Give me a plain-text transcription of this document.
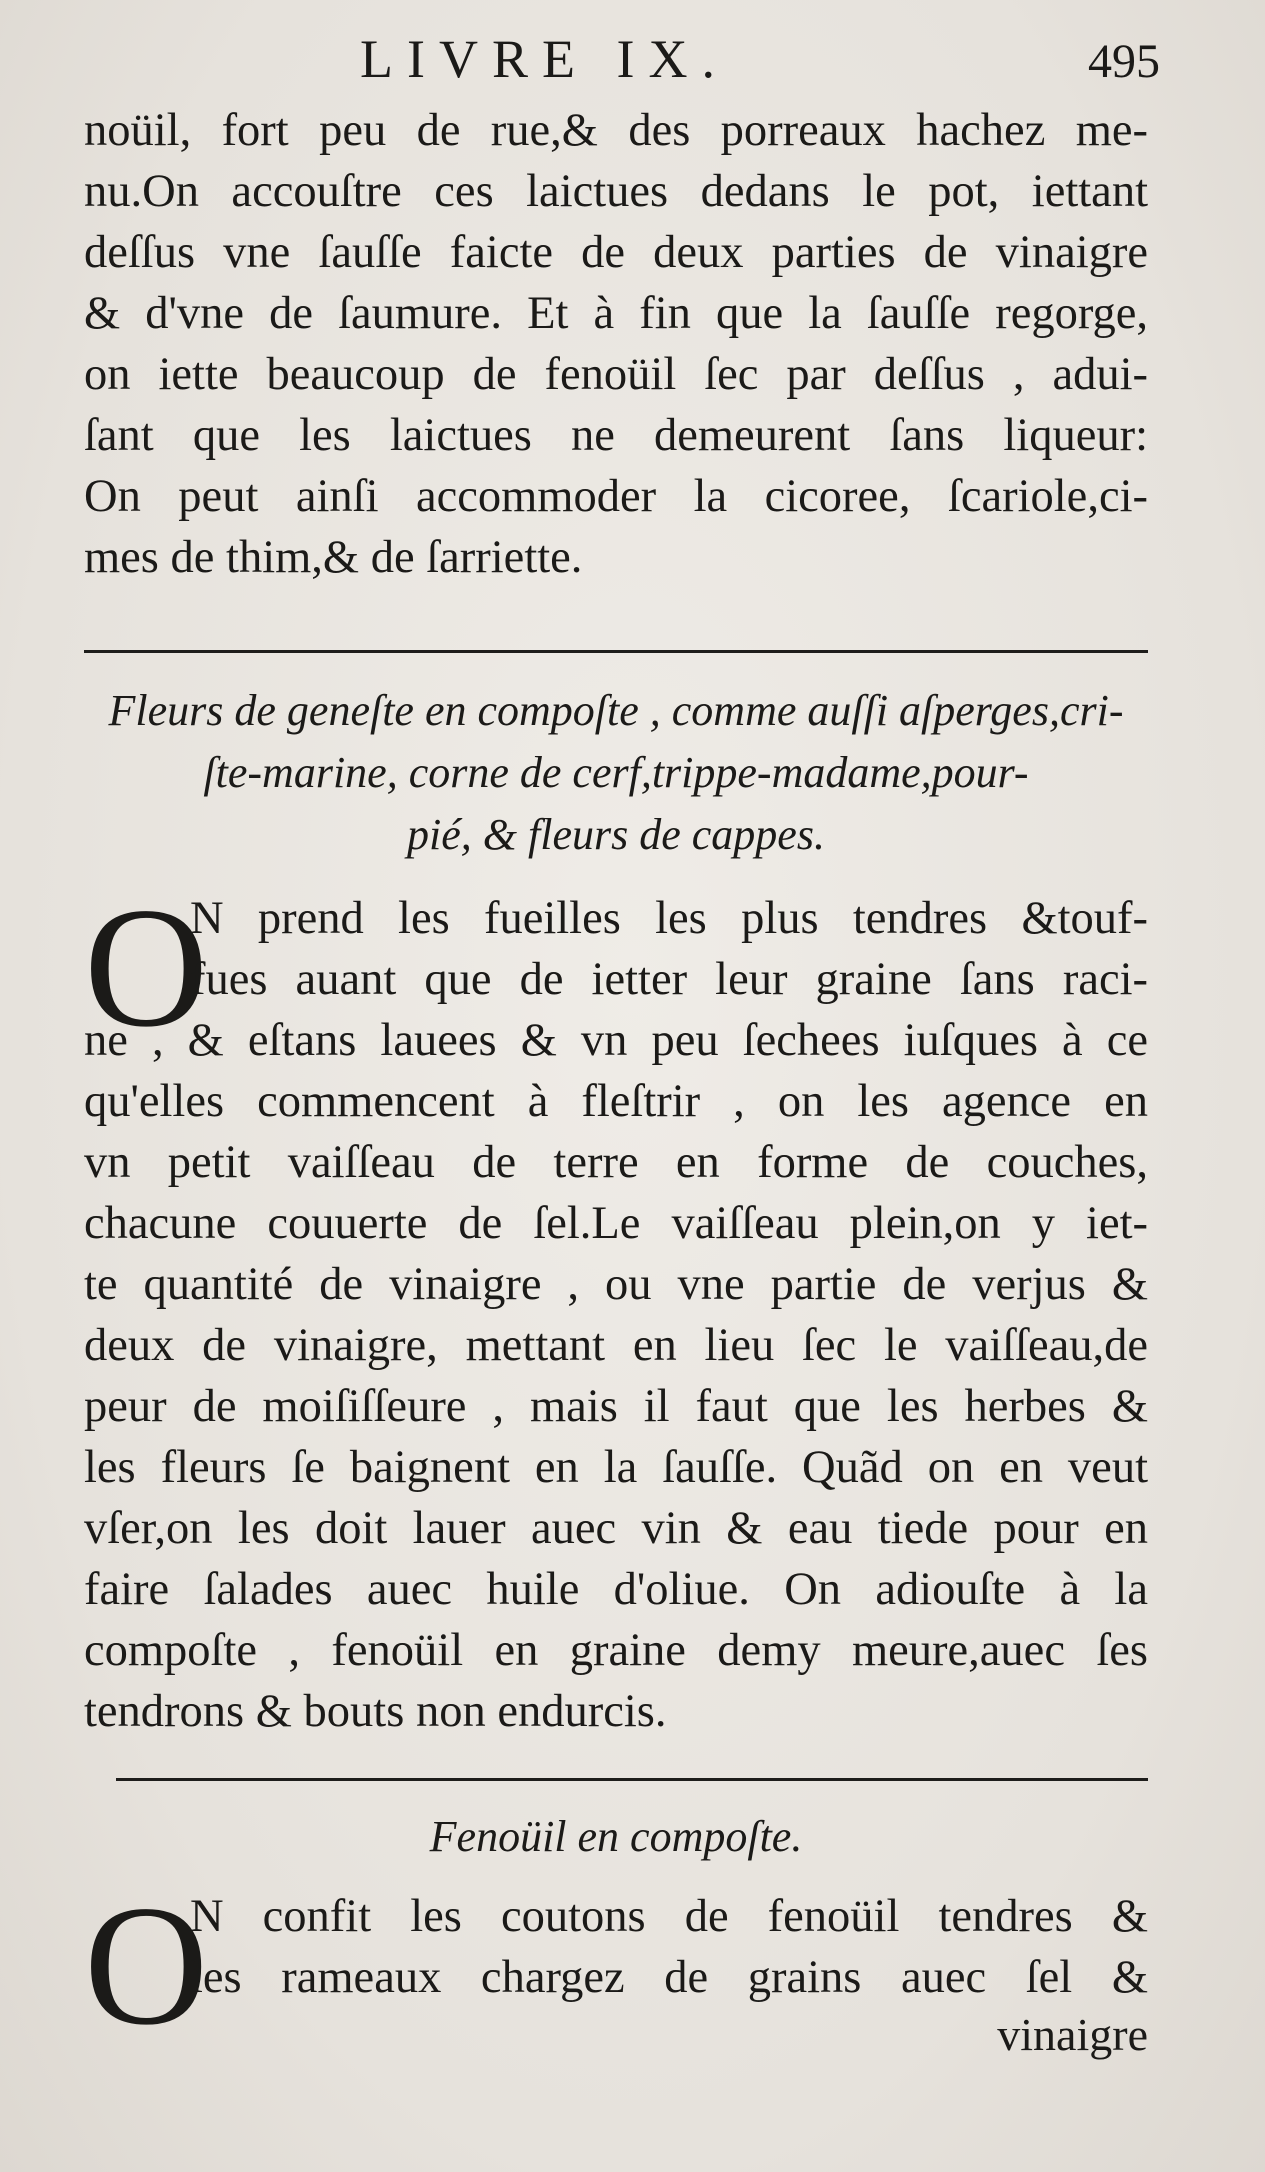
LIVRE IX.	495
noüil, fort peu de rue,& des porreaux hachez me-
nu.On accouſtre ces laictues dedans le pot, iettant
deſſus vne ſauſſe faicte de deux parties de vinaigre
& d'vne de ſaumure. Et à fin que la ſauſſe regorge,
on iette beaucoup de fenoüil ſec par deſſus , adui-
ſant que les laictues ne demeurent ſans liqueur:
On peut ainſi accommoder la cicoree, ſcariole,ci-
mes de thim,& de ſarriette.
Fleurs de geneſte en compoſte , comme auſſi aſperges,cri-
ſte-marine, corne de cerf,trippe-madame,pour-
pié, & fleurs de cappes.
O
N prend les fueilles les plus tendres &touf-
fues auant que de ietter leur graine ſans raci-
ne , & eſtans lauees & vn peu ſechees iuſques à ce
qu'elles commencent à fleſtrir , on les agence en
vn petit vaiſſeau de terre en forme de couches,
chacune couuerte de ſel.Le vaiſſeau plein,on y iet-
te quantité de vinaigre , ou vne partie de verjus &
deux de vinaigre, mettant en lieu ſec le vaiſſeau,de
peur de moiſiſſeure , mais il faut que les herbes &
les fleurs ſe baignent en la ſauſſe. Quãd on en veut
vſer,on les doit lauer auec vin & eau tiede pour en
faire ſalades auec huile d'oliue. On adiouſte à la
compoſte , fenoüil en graine demy meure,auec ſes
tendrons & bouts non endurcis.
Fenoüil en compoſte.
O
N confit les coutons de fenoüil tendres &
les rameaux chargez de grains auec ſel &
vinaigre
